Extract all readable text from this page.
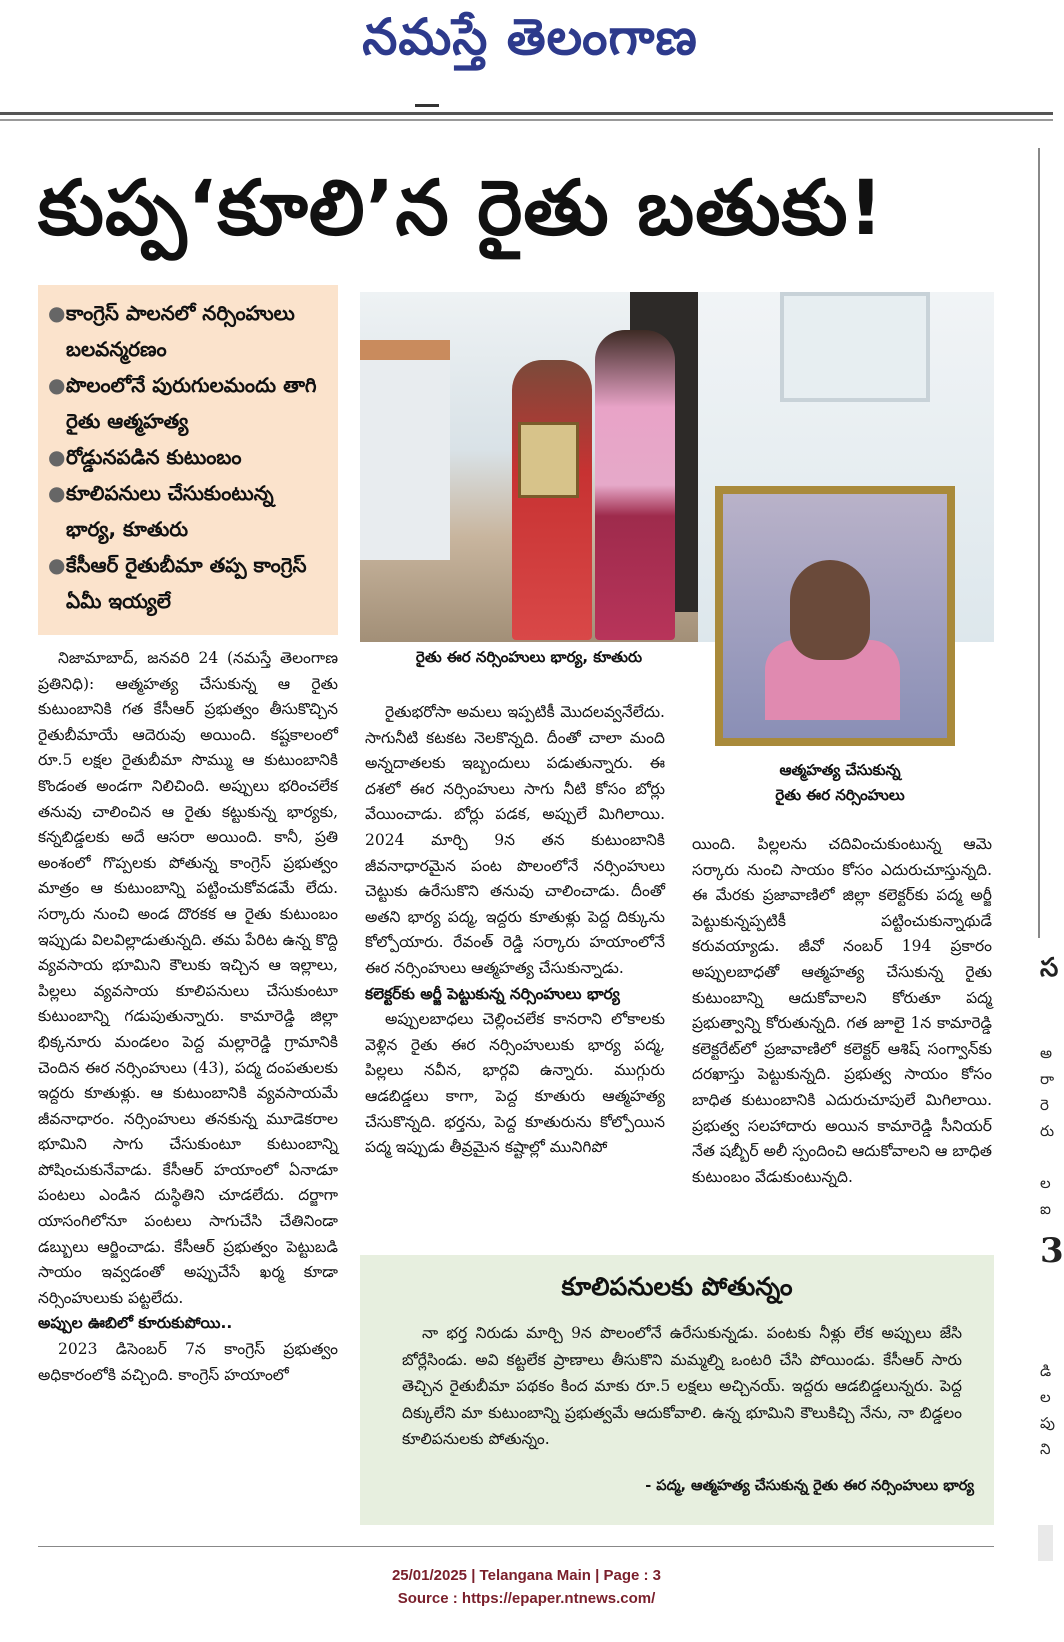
నమస్తే తెలంగాణ
కుప్ప‘కూలి’న రైతు బతుకు!
● కాంగ్రెస్ పాలనలో నర్సింహులు బలవన్మరణం
● పొలంలోనే పురుగులమందు తాగి రైతు ఆత్మహత్య
● రోడ్డునపడిన కుటుంబం
● కూలిపనులు చేసుకుంటున్న భార్య, కూతురు
● కేసీఆర్ రైతుబీమా తప్ప కాంగ్రెస్ ఏమీ ఇయ్యలే

నిజామాబాద్, జనవరి 24 (నమస్తే తెలంగాణ ప్రతినిధి): ఆత్మహత్య చేసుకున్న ఆ రైతు కుటుంబానికి గత కేసీఆర్ ప్రభుత్వం తీసుకొచ్చిన రైతుబీమాయే ఆదెరువు అయింది. కష్టకాలంలో రూ.5 లక్షల రైతుబీమా సొమ్ము ఆ కుటుంబానికి కొండంత అండగా నిలిచింది. అప్పులు భరించలేక తనువు చాలించిన ఆ రైతు కట్టుకున్న భార్యకు, కన్నబిడ్డలకు అదే ఆసరా అయింది. కానీ, ప్రతి అంశంలో గొప్పలకు పోతున్న కాంగ్రెస్ ప్రభుత్వం మాత్రం ఆ కుటుంబాన్ని పట్టించుకోవడమే లేదు. సర్కారు నుంచి అండ దొరకక ఆ రైతు కుటుంబం ఇప్పుడు విలవిల్లాడుతున్నది. తమ పేరిట ఉన్న కొద్ది వ్యవసాయ భూమిని కౌలుకు ఇచ్చిన ఆ ఇల్లాలు, పిల్లలు వ్యవసాయ కూలిపనులు చేసుకుంటూ కుటుంబాన్ని గడుపుతున్నారు. కామారెడ్డి జిల్లా భిక్కనూరు మండలం పెద్ద మల్లారెడ్డి గ్రామానికి చెందిన ఈర నర్సింహులు (43), పద్మ దంపతులకు ఇద్దరు కూతుళ్లు. ఆ కుటుంబానికి వ్యవసాయమే జీవనాధారం. నర్సింహులు తనకున్న మూడెకరాల భూమిని సాగు చేసుకుంటూ కుటుంబాన్ని పోషించుకునేవాడు. కేసీఆర్ హయాంలో ఏనాడూ పంటలు ఎండిన దుస్థితిని చూడలేదు. దర్జాగా యాసంగిలోనూ పంటలు సాగుచేసి చేతినిండా డబ్బులు ఆర్జించాడు. కేసీఆర్ ప్రభుత్వం పెట్టుబడి సాయం ఇవ్వడంతో అప్పుచేసే ఖర్మ కూడా నర్సింహులుకు పట్టలేదు.

అప్పుల ఊబిలో కూరుకుపోయి..

2023 డిసెంబర్ 7న కాంగ్రెస్ ప్రభుత్వం అధికారంలోకి వచ్చింది. కాంగ్రెస్ హయాంలో

రైతు ఈర నర్సింహులు భార్య, కూతురు
ఆత్మహత్య చేసుకున్న
రైతు ఈర నర్సింహులు

రైతుభరోసా అమలు ఇప్పటికీ మొదలవ్వనేలేదు. సాగునీటి కటకట నెలకొన్నది. దీంతో చాలా మంది అన్నదాతలకు ఇబ్బందులు పడుతున్నారు. ఈ దశలో ఈర నర్సింహులు సాగు నీటి కోసం బోర్లు వేయించాడు. బోర్లు పడక, అప్పులే మిగిలాయి. 2024 మార్చి 9న తన కుటుంబానికి జీవనాధారమైన పంట పొలంలోనే నర్సింహులు చెట్టుకు ఉరేసుకొని తనువు చాలించాడు. దీంతో అతని భార్య పద్మ, ఇద్దరు కూతుళ్లు పెద్ద దిక్కును కోల్పోయారు. రేవంత్ రెడ్డి సర్కారు హయాంలోనే ఈర నర్సింహులు ఆత్మహత్య చేసుకున్నాడు.

కలెక్టర్‌కు అర్జీ పెట్టుకున్న నర్సింహులు భార్య

అప్పులబాధలు చెల్లించలేక కానరాని లోకాలకు వెళ్లిన రైతు ఈర నర్సింహులుకు భార్య పద్మ, పిల్లలు నవీన, భార్గవి ఉన్నారు. ముగ్గురు ఆడబిడ్డలు కాగా, పెద్ద కూతురు ఆత్మహత్య చేసుకొన్నది. భర్తను, పెద్ద కూతురును కోల్పోయిన పద్మ ఇప్పుడు తీవ్రమైన కష్టాల్లో మునిగిపో

యింది. పిల్లలను చదివించుకుంటున్న ఆమె సర్కారు నుంచి సాయం కోసం ఎదురుచూస్తున్నది. ఈ మేరకు ప్రజావాణిలో జిల్లా కలెక్టర్‌కు పద్మ అర్జీ పెట్టుకున్నప్పటికీ పట్టించుకున్నాథుడే కరువయ్యాడు. జీవో నంబర్ 194 ప్రకారం అప్పులబాధతో ఆత్మహత్య చేసుకున్న రైతు కుటుంబాన్ని ఆదుకోవాలని కోరుతూ పద్మ ప్రభుత్వాన్ని కోరుతున్నది. గత జూలై 1న కామారెడ్డి కలెక్టరేట్‌లో ప్రజావాణిలో కలెక్టర్ ఆశిష్ సంగ్వాన్‌కు దరఖాస్తు పెట్టుకున్నది. ప్రభుత్వ సాయం కోసం బాధిత కుటుంబానికి ఎదురుచూపులే మిగిలాయి. ప్రభుత్వ సలహాదారు అయిన కామారెడ్డి సీనియర్ నేత షబ్బీర్ అలీ స్పందించి ఆదుకోవాలని ఆ బాధిత కుటుంబం వేడుకుంటున్నది.

కూలిపనులకు పోతున్నం
నా భర్త నిరుడు మార్చి 9న పొలంలోనే ఉరేసుకున్నడు. పంటకు నీళ్లు లేక అప్పులు జేసి బోర్లేసిండు. అవి కట్టలేక ప్రాణాలు తీసుకొని మమ్మల్ని ఒంటరి చేసి పోయిండు. కేసీఆర్ సారు తెచ్చిన రైతుబీమా పథకం కింద మాకు రూ.5 లక్షలు అచ్చినయ్. ఇద్దరు ఆడబిడ్డలున్నరు. పెద్ద దిక్కులేని మా కుటుంబాన్ని ప్రభుత్వమే ఆదుకోవాలి. ఉన్న భూమిని కౌలుకిచ్చి నేను, నా బిడ్డలం కూలిపనులకు పోతున్నం.
- పద్మ, ఆత్మహత్య చేసుకున్న రైతు ఈర నర్సింహులు భార్య
స
అ
రా
రె
రు
ల
ఐ
3
డి
ల
పు
ని
25/01/2025 | Telangana Main | Page : 3
Source : https://epaper.ntnews.com/
